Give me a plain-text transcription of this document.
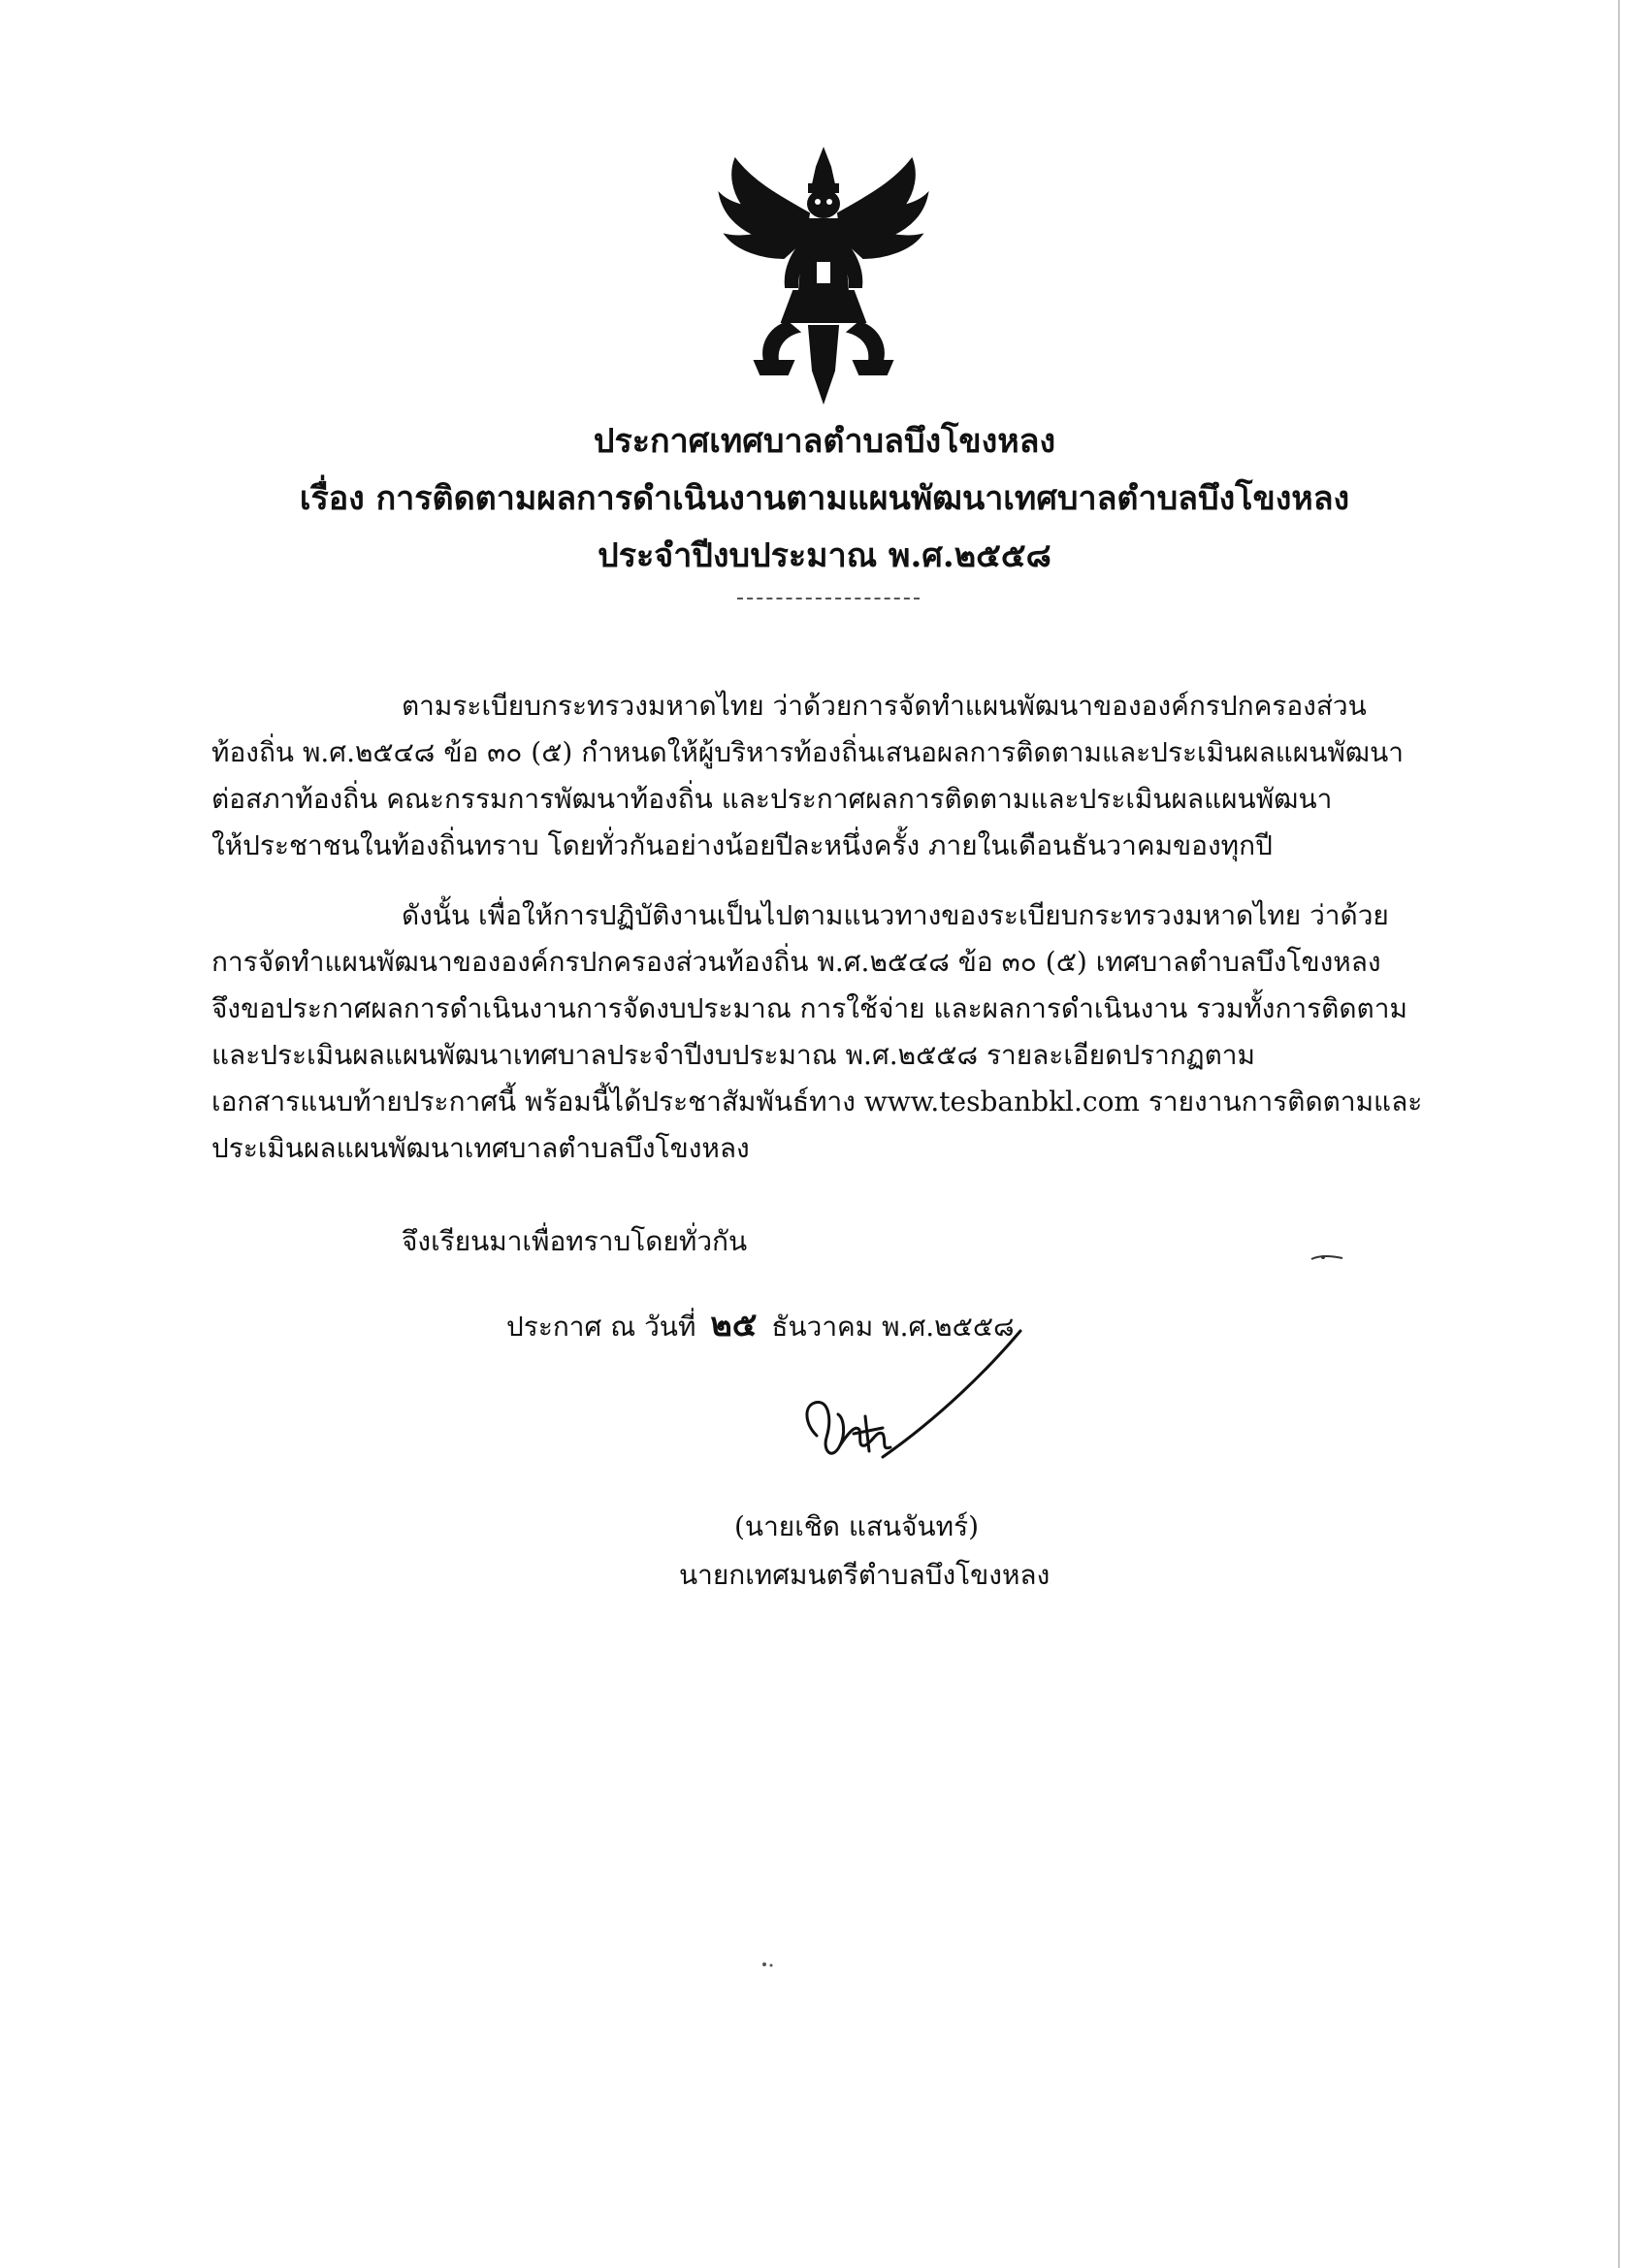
ประกาศเทศบาลตำบลบึงโขงหลง
เรื่อง การติดตามผลการดำเนินงานตามแผนพัฒนาเทศบาลตำบลบึงโขงหลง
ประจำปีงบประมาณ พ.ศ.๒๕๕๘
ตามระเบียบกระทรวงมหาดไทย ว่าด้วยการจัดทำแผนพัฒนาขององค์กรปกครองส่วน
ท้องถิ่น พ.ศ.๒๕๔๘ ข้อ ๓๐ (๕) กำหนดให้ผู้บริหารท้องถิ่นเสนอผลการติดตามและประเมินผลแผนพัฒนา
ต่อสภาท้องถิ่น คณะกรรมการพัฒนาท้องถิ่น และประกาศผลการติดตามและประเมินผลแผนพัฒนา
ให้ประชาชนในท้องถิ่นทราบ โดยทั่วกันอย่างน้อยปีละหนึ่งครั้ง ภายในเดือนธันวาคมของทุกปี
ดังนั้น เพื่อให้การปฏิบัติงานเป็นไปตามแนวทางของระเบียบกระทรวงมหาดไทย ว่าด้วย
การจัดทำแผนพัฒนาขององค์กรปกครองส่วนท้องถิ่น พ.ศ.๒๕๔๘ ข้อ ๓๐ (๕) เทศบาลตำบลบึงโขงหลง
จึงขอประกาศผลการดำเนินงานการจัดงบประมาณ การใช้จ่าย และผลการดำเนินงาน รวมทั้งการติดตาม
และประเมินผลแผนพัฒนาเทศบาลประจำปีงบประมาณ พ.ศ.๒๕๕๘ รายละเอียดปรากฏตาม
เอกสารแนบท้ายประกาศนี้ พร้อมนี้ได้ประชาสัมพันธ์ทาง www.tesbanbkl.com รายงานการติดตามและ
ประเมินผลแผนพัฒนาเทศบาลตำบลบึงโขงหลง
จึงเรียนมาเพื่อทราบโดยทั่วกัน
ประกาศ ณ วันที่ ๒๕ ธันวาคม พ.ศ.๒๕๕๘
(นายเชิด แสนจันทร์)
นายกเทศมนตรีตำบลบึงโขงหลง
